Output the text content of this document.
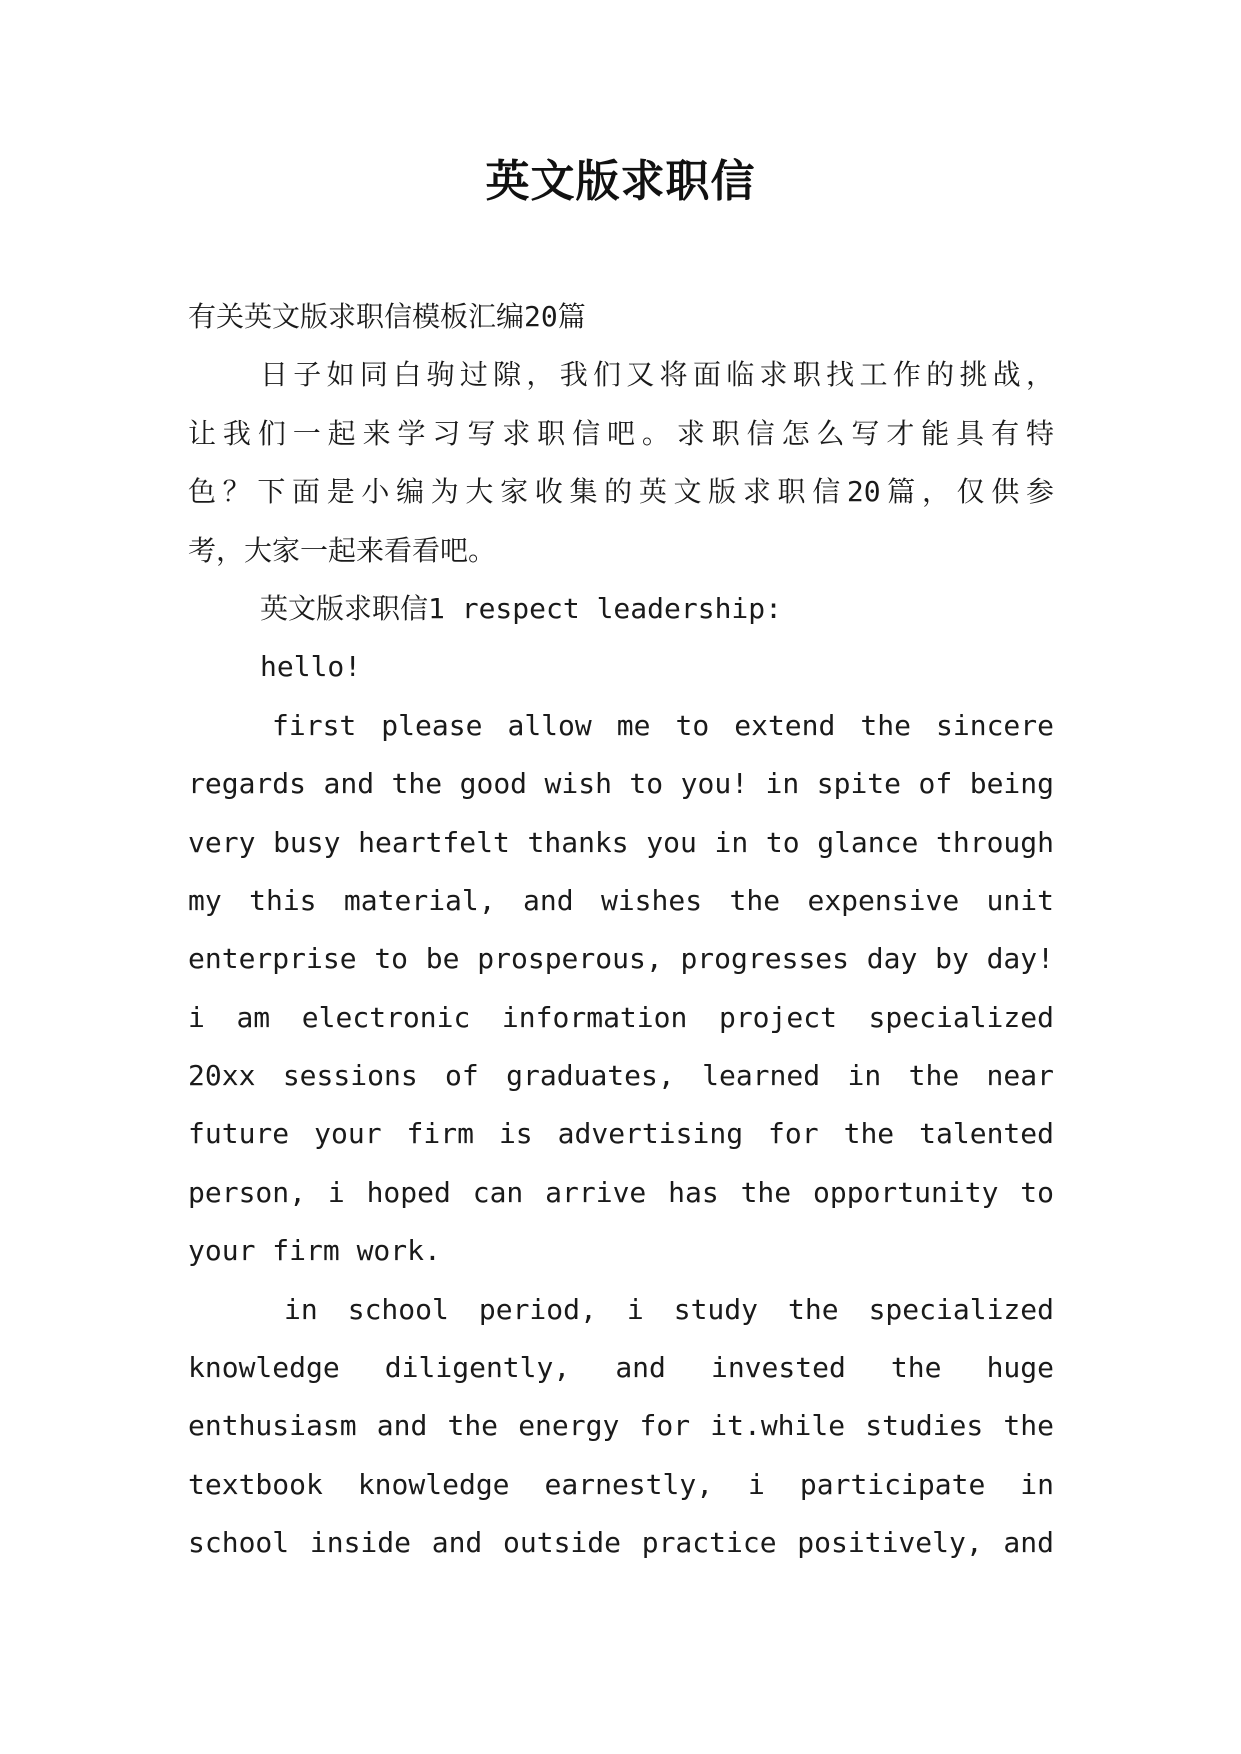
英文版求职信
有关英文版求职信模板汇编20篇
日子如同白驹过隙，我们又将面临求职找工作的挑战，
让我们一起来学习写求职信吧。求职信怎么写才能具有特
色？下面是小编为大家收集的英文版求职信20篇，仅供参
考，大家一起来看看吧。
英文版求职信1 respect leadership:
hello!
first please allow me to extend the sincere
regards and the good wish to you! in spite of being
very busy heartfelt thanks you in to glance through
my this material, and wishes the expensive unit
enterprise to be prosperous, progresses day by day!
i am electronic information project specialized
20xx sessions of graduates, learned in the near
future your firm is advertising for the talented
person, i hoped can arrive has the opportunity to
your firm work.
in school period, i study the specialized
knowledge diligently, and invested the huge
enthusiasm and the energy for it.while studies the
textbook knowledge earnestly, i participate in
school inside and outside practice positively, and
